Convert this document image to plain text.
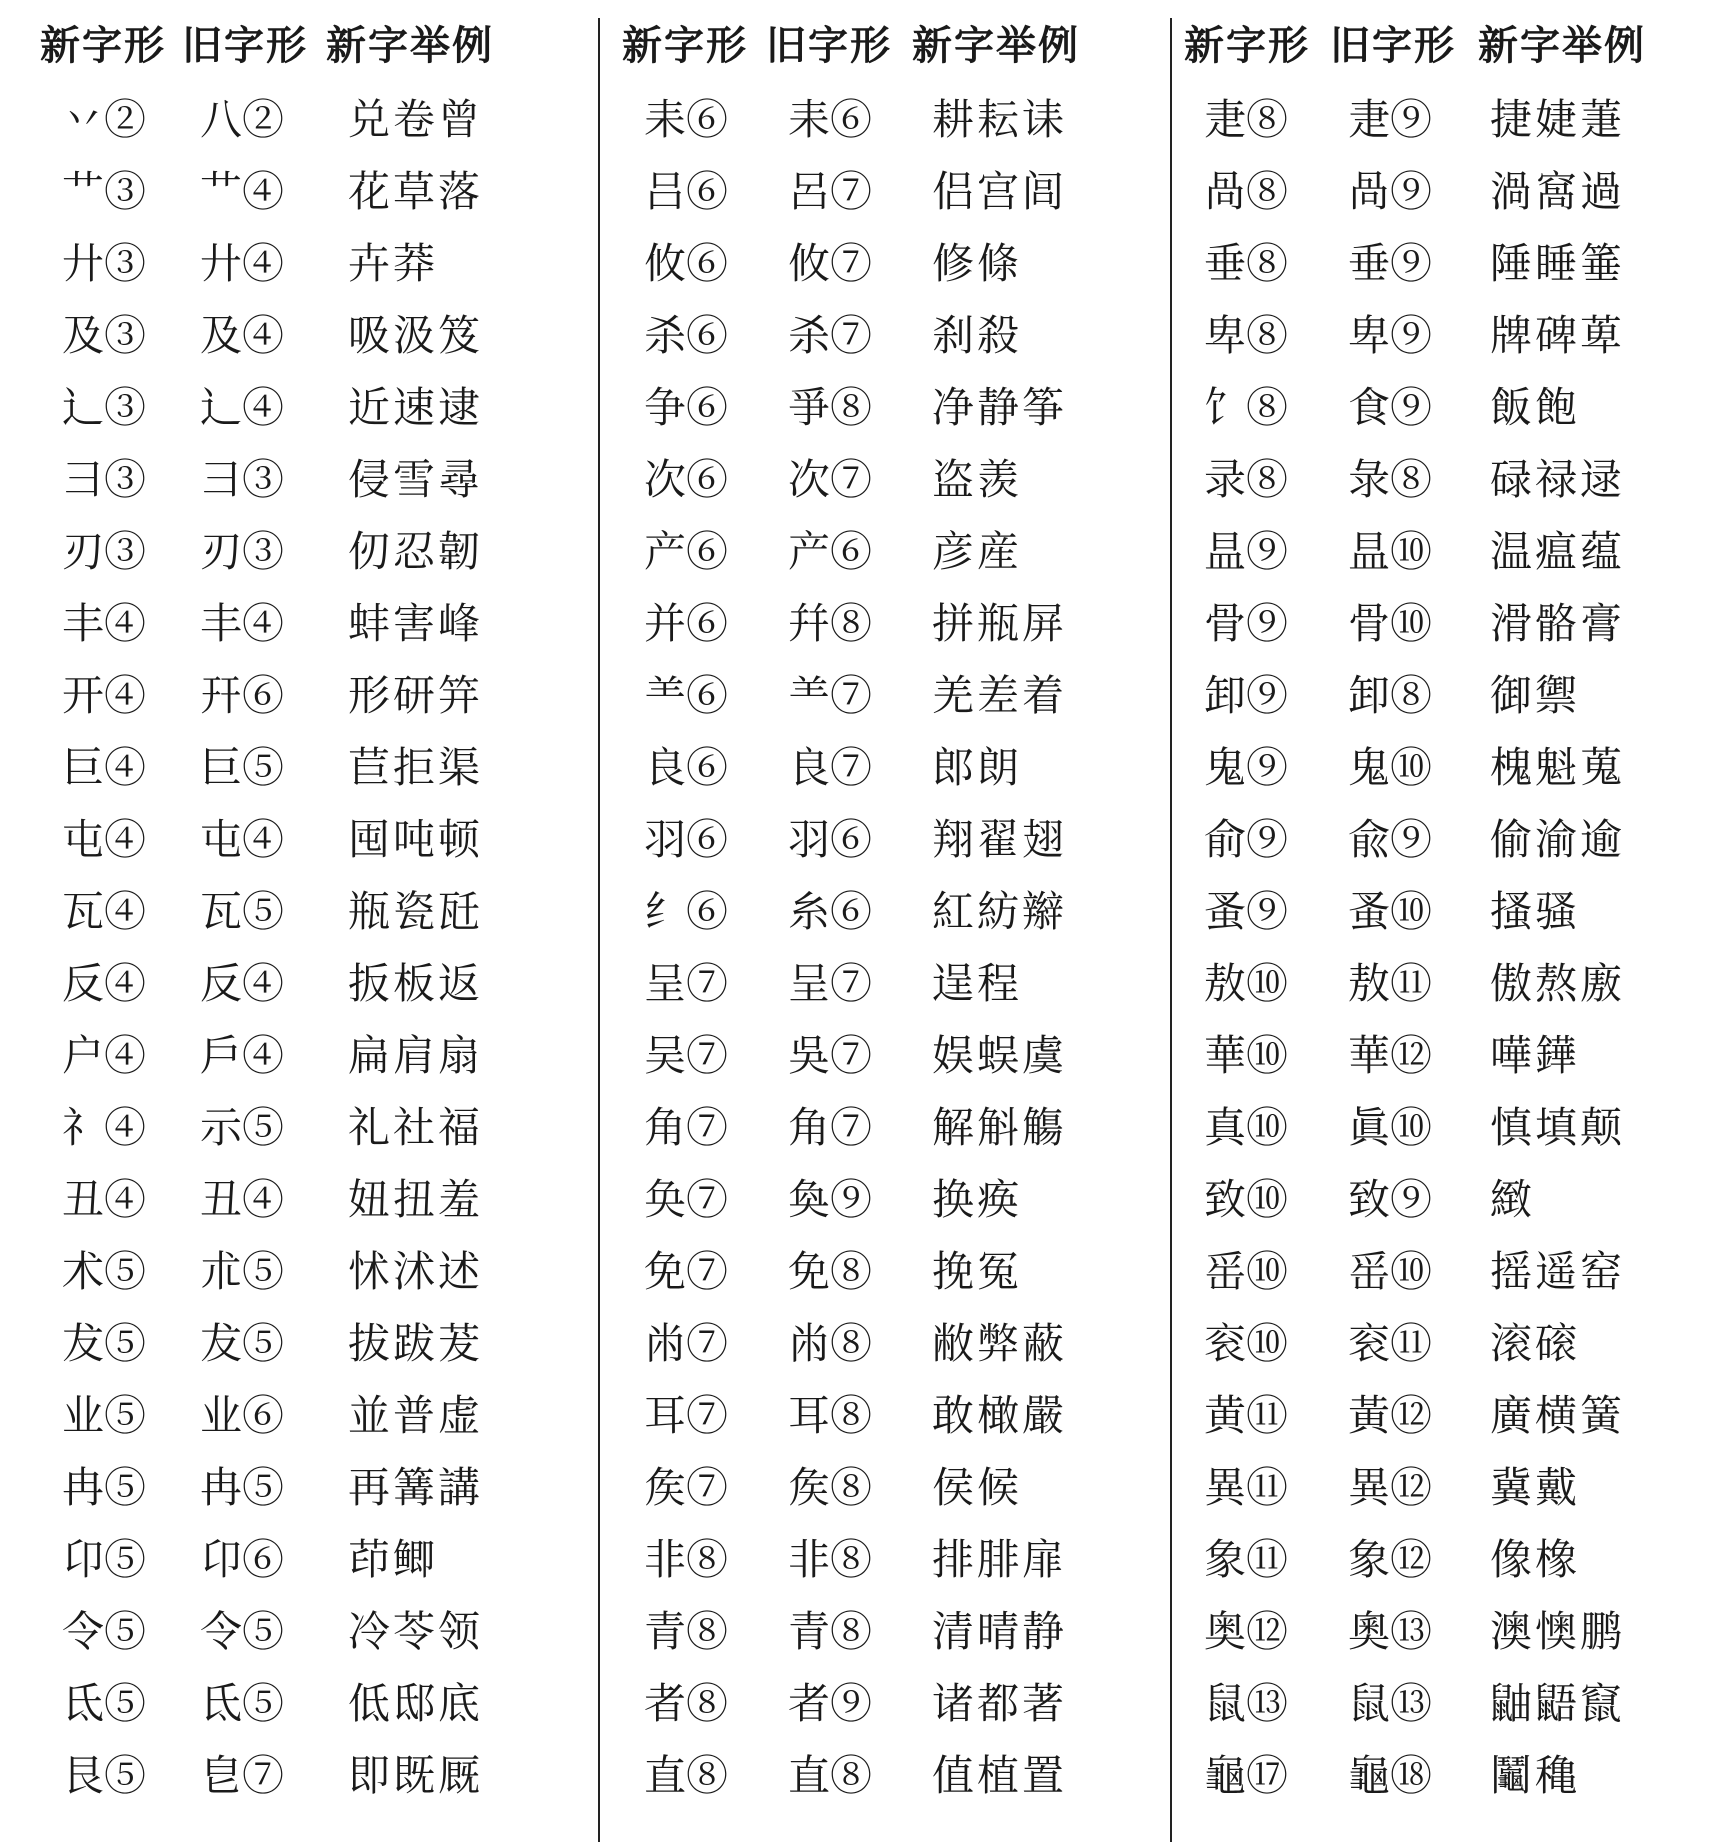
新字形 旧字形 新字举例
丷② 八② 兑卷曾
艹③ 艹④ 花草落
廾③ 廾④ 卉莽
及③ 及④ 吸汲笈
辶③ 辶④ 近速逮
彐③ 彐③ 侵雪尋
刃③ 刃③ 仞忍韌
丰④ 丰④ 蚌害峰
开④ 幵⑥ 形研笄
巨④ 巨⑤ 苣拒渠
屯④ 屯④ 囤吨顿
瓦④ 瓦⑤ 瓶瓷瓩
反④ 反④ 扳板返
户④ 戶④ 扁肩扇
礻④ 示⑤ 礼社福
丑④ 丑④ 妞扭羞
术⑤ 朮⑤ 怵沭述
犮⑤ 犮⑤ 拔跋茇
业⑤ 业⑥ 並普虚
冉⑤ 冉⑤ 再篝講
卬⑤ 卬⑥ 茚鲫
令⑤ 令⑤ 冷苓领
氐⑤ 氐⑤ 低邸底
艮⑤ 皀⑦ 即既厩
新字形 旧字形 新字举例
耒⑥ 耒⑥ 耕耘诔
吕⑥ 呂⑦ 侣宫闾
攸⑥ 攸⑦ 修條
杀⑥ 杀⑦ 刹殺
争⑥ 爭⑧ 净静筝
次⑥ 次⑦ 盗羡
产⑥ 产⑥ 彦産
并⑥ 幷⑧ 拼瓶屏
⺷⑥ ⺷⑦ 羌差着
良⑥ 良⑦ 郎朗
羽⑥ 羽⑥ 翔翟翅
纟⑥ 糸⑥ 紅紡辮
呈⑦ 呈⑦ 逞程
吴⑦ 吳⑦ 娱蜈虞
角⑦ 角⑦ 解斛觴
奂⑦ 奐⑨ 换痪
免⑦ 免⑧ 挽冤
㡀⑦ 㡀⑧ 敝弊蔽
耳⑦ 耳⑧ 敢橄嚴
矦⑦ 矦⑧ 侯候
非⑧ 非⑧ 排腓扉
青⑧ 青⑧ 清晴静
者⑧ 者⑨ 诸都著
直⑧ 直⑧ 值植置
新字形 旧字形 新字举例
疌⑧ 疌⑨ 捷婕萐
咼⑧ 咼⑨ 渦窩過
垂⑧ 垂⑨ 陲睡箠
卑⑧ 卑⑨ 牌碑萆
饣⑧ 食⑨ 飯飽
录⑧ 彔⑧ 碌禄逯
昷⑨ 昷⑩ 温瘟蕴
骨⑨ 骨⑩ 滑骼膏
卸⑨ 卸⑧ 御禦
鬼⑨ 鬼⑩ 槐魁蒐
俞⑨ 兪⑨ 偷渝逾
蚤⑨ 蚤⑩ 搔骚
敖⑩ 敖⑪ 傲熬廒
華⑩ 華⑫ 嘩鏵
真⑩ 眞⑩ 慎填颠
致⑩ 致⑨ 緻
䍃⑩ 䍃⑩ 摇遥窑
衮⑩ 衮⑪ 滚磙
黄⑪ 黃⑫ 廣横簧
異⑪ 異⑫ 冀戴
象⑪ 象⑫ 像橡
奥⑫ 奧⑬ 澳懊鹏
鼠⑬ 鼠⑬ 鼬鼯竄
龜⑰ 龜⑱ 鬮穐
